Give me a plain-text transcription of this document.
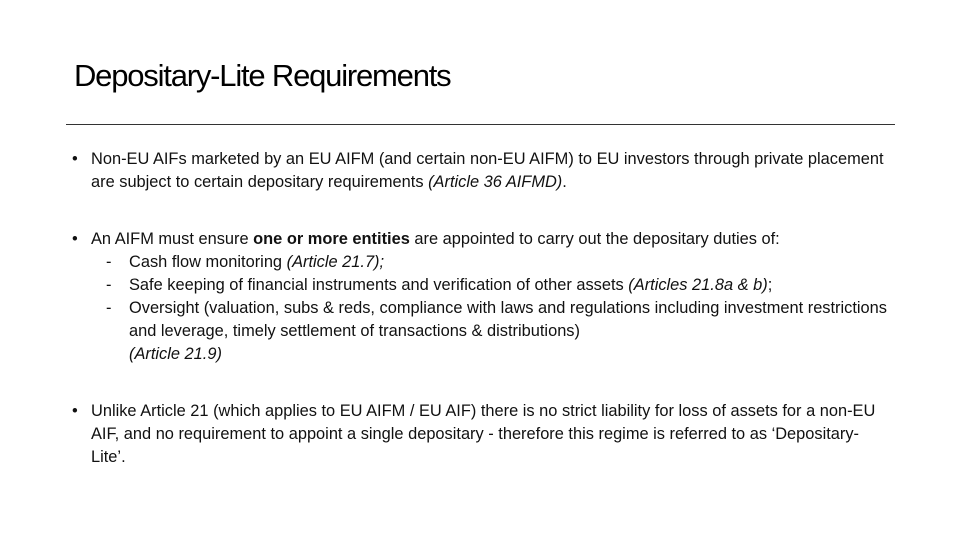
Depositary-Lite Requirements
• Non-EU AIFs marketed by an EU AIFM (and certain non-EU AIFM) to EU investors through private placement are subject to certain depositary requirements (Article 36 AIFMD).
• An AIFM must ensure one or more entities are appointed to carry out the depositary duties of:
- Cash flow monitoring (Article 21.7);
- Safe keeping of financial instruments and verification of other assets (Articles 21.8a & b);
- Oversight (valuation, subs & reds, compliance with laws and regulations including investment restrictions and leverage, timely settlement of transactions & distributions)
(Article 21.9)
• Unlike Article 21 (which applies to EU AIFM / EU AIF) there is no strict liability for loss of assets for a non-EU AIF, and no requirement to appoint a single depositary - therefore this regime is referred to as ‘Depositary-Lite’.
